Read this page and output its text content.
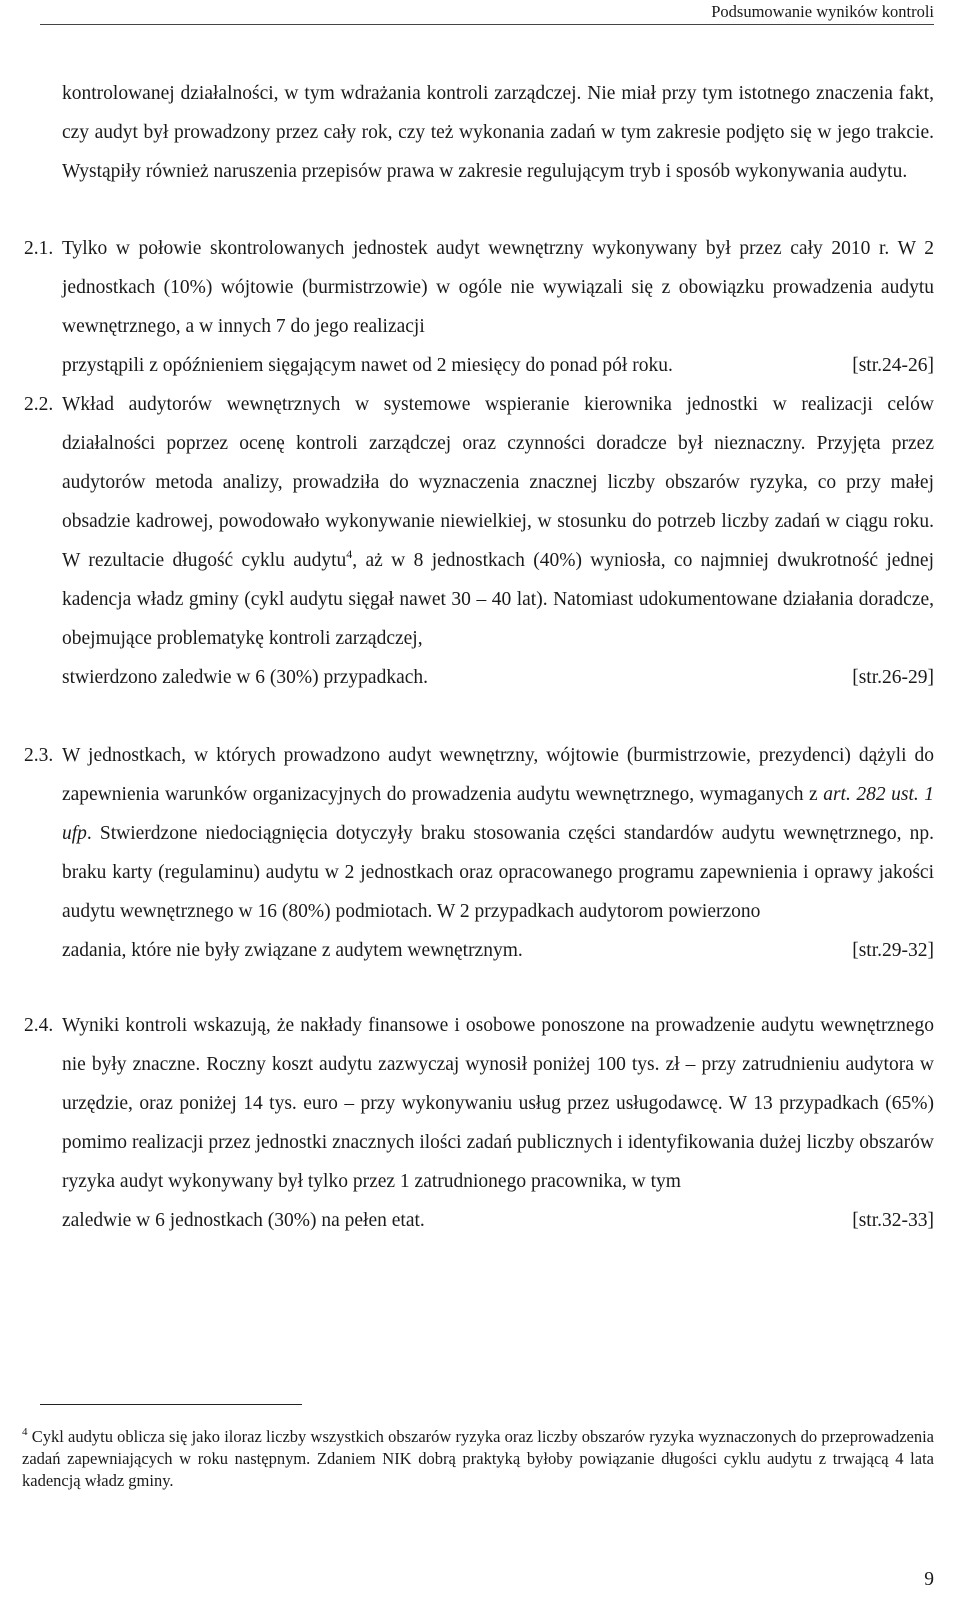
Podsumowanie wyników kontroli
kontrolowanej działalności, w tym wdrażania kontroli zarządczej. Nie miał przy tym istotnego znaczenia fakt, czy audyt był prowadzony przez cały rok, czy też wykonania zadań w tym zakresie podjęto się w jego trakcie. Wystąpiły również naruszenia przepisów prawa w zakresie regulującym tryb i sposób wykonywania audytu.
2.1. Tylko w połowie skontrolowanych jednostek audyt wewnętrzny wykonywany był przez cały 2010 r. W 2 jednostkach (10%) wójtowie (burmistrzowie) w ogóle nie wywiązali się z obowiązku prowadzenia audytu wewnętrznego, a w innych 7 do jego realizacji
przystąpili z opóźnieniem sięgającym nawet od 2 miesięcy do ponad pół roku.	[str.24-26]
2.2. Wkład audytorów wewnętrznych w systemowe wspieranie kierownika jednostki w realizacji celów działalności poprzez ocenę kontroli zarządczej oraz czynności doradcze był nieznaczny. Przyjęta przez audytorów metoda analizy, prowadziła do wyznaczenia znacznej liczby obszarów ryzyka, co przy małej obsadzie kadrowej, powodowało wykonywanie niewielkiej, w stosunku do potrzeb liczby zadań w ciągu roku. W rezultacie długość cyklu audytu$^4$, aż w 8 jednostkach (40%) wyniosła, co najmniej dwukrotność jednej kadencja władz gminy (cykl audytu sięgał nawet 30 – 40 lat). Natomiast udokumentowane działania doradcze, obejmujące problematykę kontroli zarządczej,
stwierdzono zaledwie w 6 (30%) przypadkach.	[str.26-29]
2.3. W jednostkach, w których prowadzono audyt wewnętrzny, wójtowie (burmistrzowie, prezydenci) dążyli do zapewnienia warunków organizacyjnych do prowadzenia audytu wewnętrznego, wymaganych z art. 282 ust. 1 ufp. Stwierdzone niedociągnięcia dotyczyły braku stosowania części standardów audytu wewnętrznego, np. braku karty (regulaminu) audytu w 2 jednostkach oraz opracowanego programu zapewnienia i oprawy jakości audytu wewnętrznego w 16 (80%) podmiotach. W 2 przypadkach audytorom powierzono
zadania, które nie były związane z audytem wewnętrznym.	[str.29-32]
2.4. Wyniki kontroli wskazują, że nakłady finansowe i osobowe ponoszone na prowadzenie audytu wewnętrznego nie były znaczne. Roczny koszt audytu zazwyczaj wynosił poniżej 100 tys. zł – przy zatrudnieniu audytora w urzędzie, oraz poniżej 14 tys. euro – przy wykonywaniu usług przez usługodawcę. W 13 przypadkach (65%) pomimo realizacji przez jednostki znacznych ilości zadań publicznych i identyfikowania dużej liczby obszarów ryzyka audyt wykonywany był tylko przez 1 zatrudnionego pracownika, w tym
zaledwie w 6 jednostkach (30%) na pełen etat.	[str.32-33]
$^4$ Cykl audytu oblicza się jako iloraz liczby wszystkich obszarów ryzyka oraz liczby obszarów ryzyka wyznaczonych do przeprowadzenia zadań zapewniających w roku następnym. Zdaniem NIK dobrą praktyką byłoby powiązanie długości cyklu audytu z trwającą 4 lata kadencją władz gminy.
9
